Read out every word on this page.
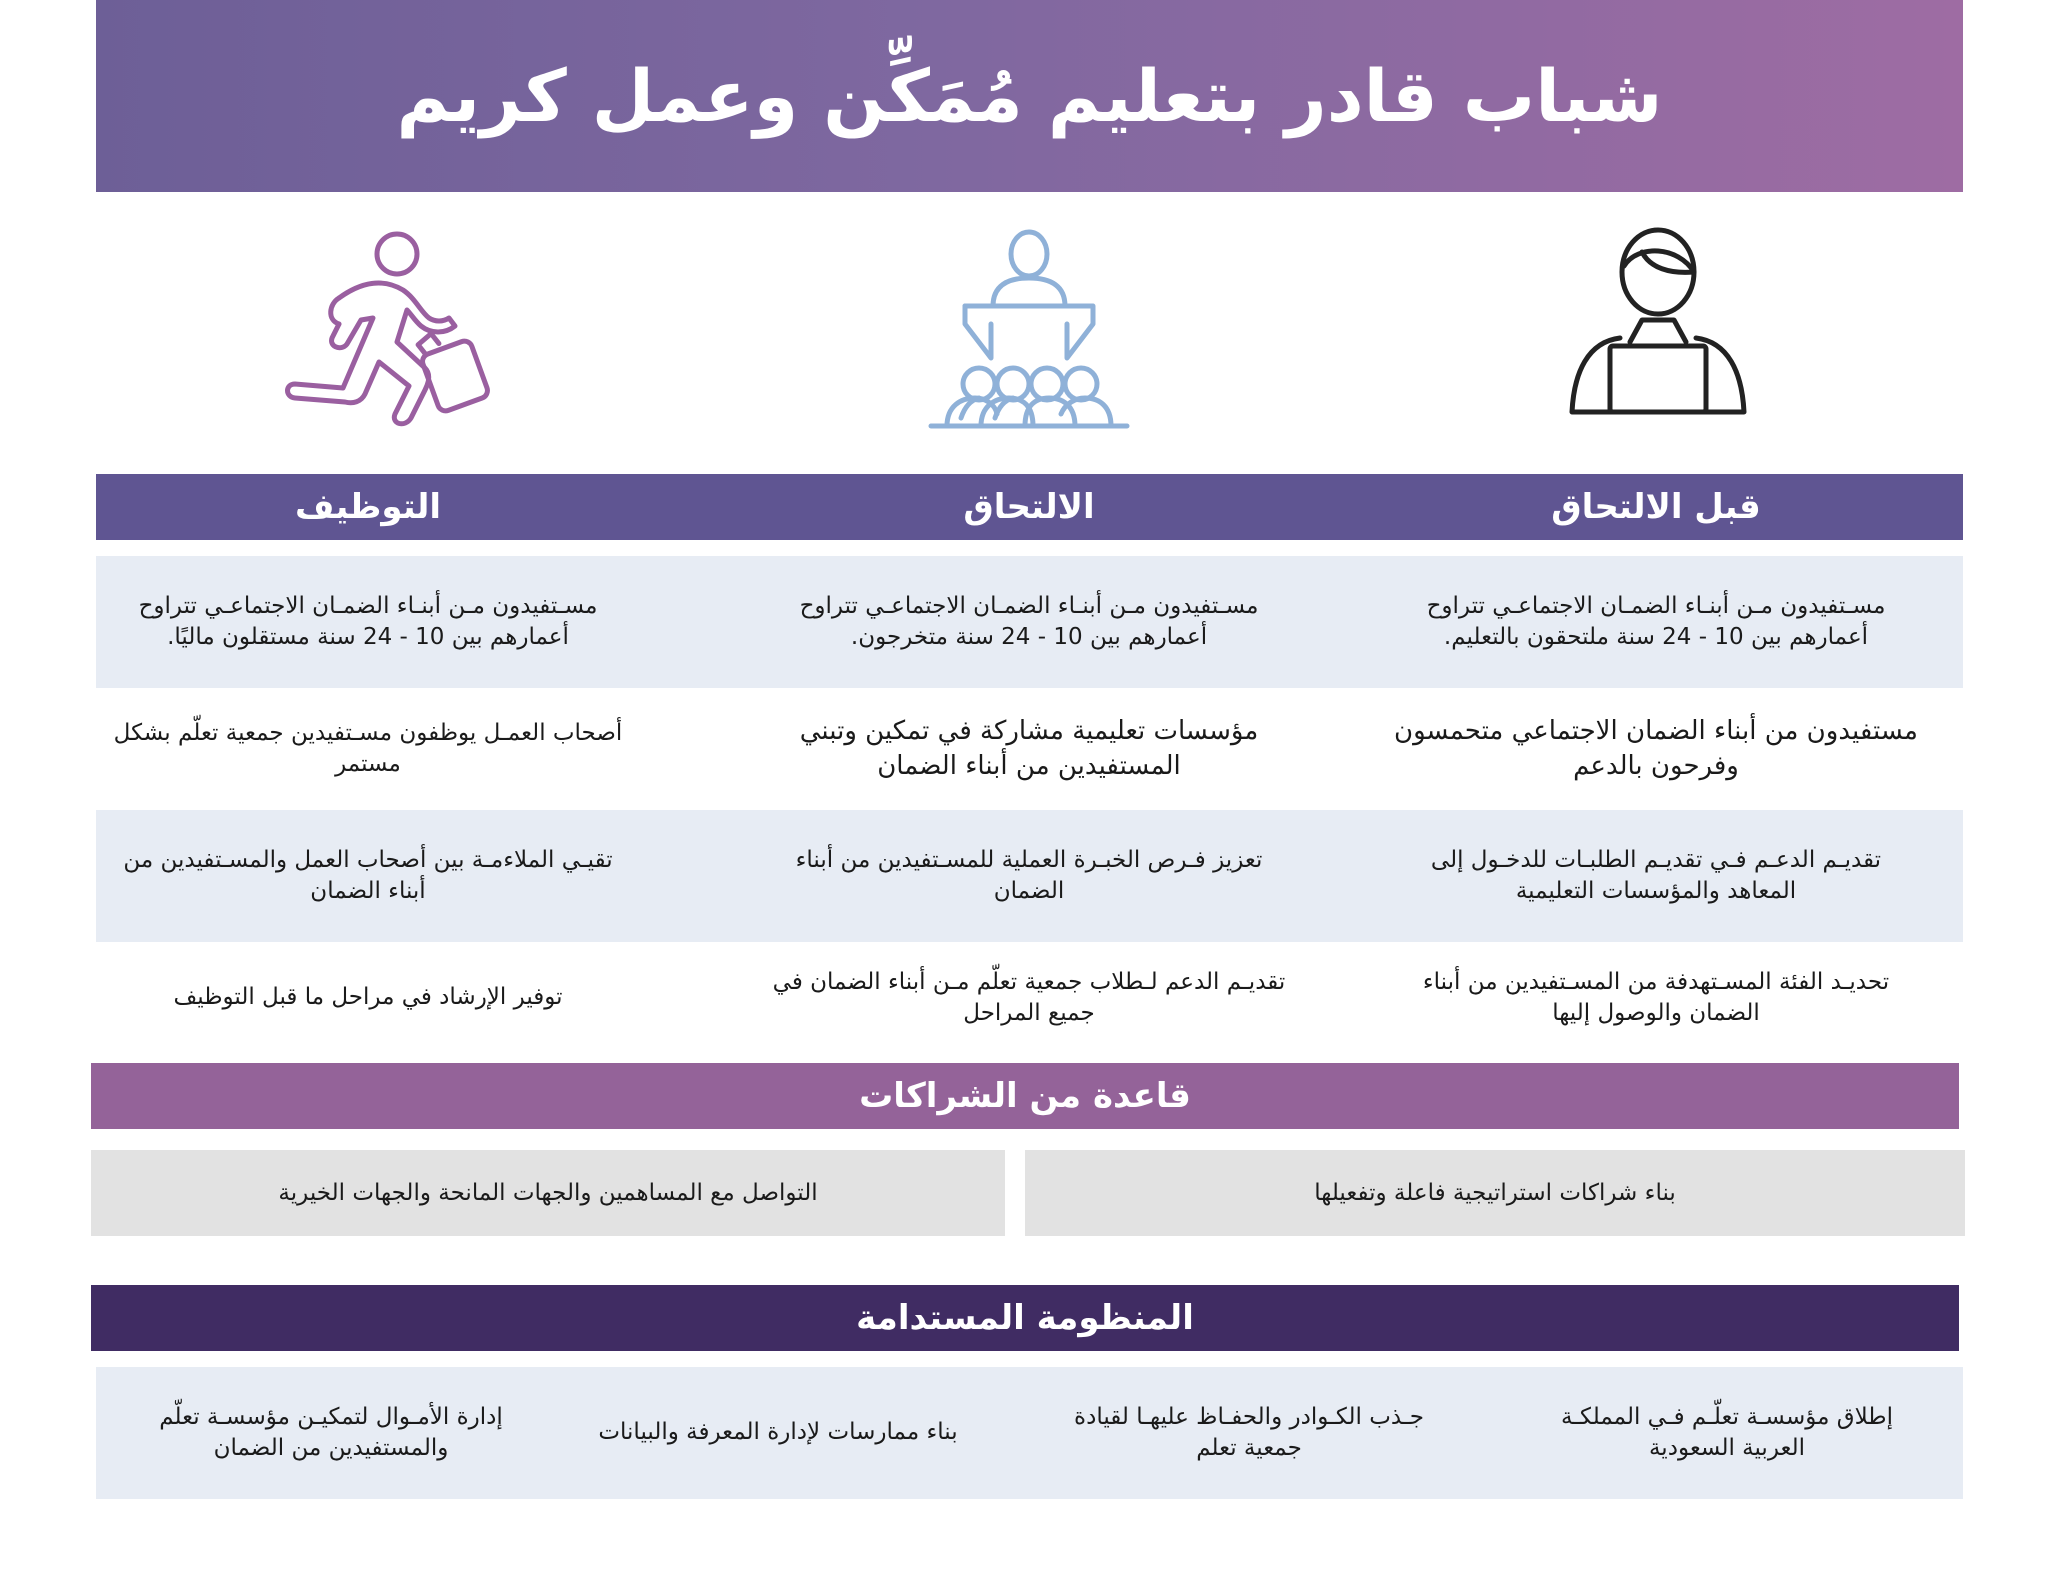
شباب قادر بتعليم مُمَكِّن وعمل كريم
قبل الالتحاق
الالتحاق
التوظيف
مسـتفيدون مـن أبنـاء الضمـان الاجتماعـي تتراوح أعمارهم بين 10 - 24 سنة ملتحقون بالتعليم.
مسـتفيدون مـن أبنـاء الضمـان الاجتماعـي تتراوح أعمارهم بين 10 - 24 سنة متخرجون.
مسـتفيدون مـن أبنـاء الضمـان الاجتماعـي تتراوح أعمارهم بين 10 - 24 سنة مستقلون ماليًا.
مستفيدون من أبناء الضمان الاجتماعي متحمسون وفرحون بالدعم
مؤسسات تعليمية مشاركة في تمكين وتبني المستفيدين من أبناء الضمان
أصحاب العمـل يوظفون مسـتفيدين جمعية تعلّم بشكل مستمر
تقديـم الدعـم فـي تقديـم الطلبـات للدخـول إلى المعاهد والمؤسسات التعليمية
تعزيز فـرص الخبـرة العملية للمسـتفيدين من أبناء الضمان
تقيـي الملاءمـة بين أصحاب العمل والمسـتفيدين من أبناء الضمان
تحديـد الفئة المسـتهدفة من المسـتفيدين من أبناء الضمان والوصول إليها
تقديـم الدعم لـطلاب جمعية تعلّم مـن أبناء الضمان في جميع المراحل
توفير الإرشاد في مراحل ما قبل التوظيف
قاعدة من الشراكات
بناء شراكات استراتيجية فاعلة وتفعيلها
التواصل مع المساهمين والجهات المانحة والجهات الخيرية
المنظومة المستدامة
إطلاق مؤسسـة تعلّـم فـي المملكـة العربية السعودية
جـذب الكـوادر والحفـاظ عليهـا لقيادة جمعية تعلم
بناء ممارسات لإدارة المعرفة والبيانات
إدارة الأمـوال لتمكيـن مؤسسـة تعلّم والمستفيدين من الضمان
